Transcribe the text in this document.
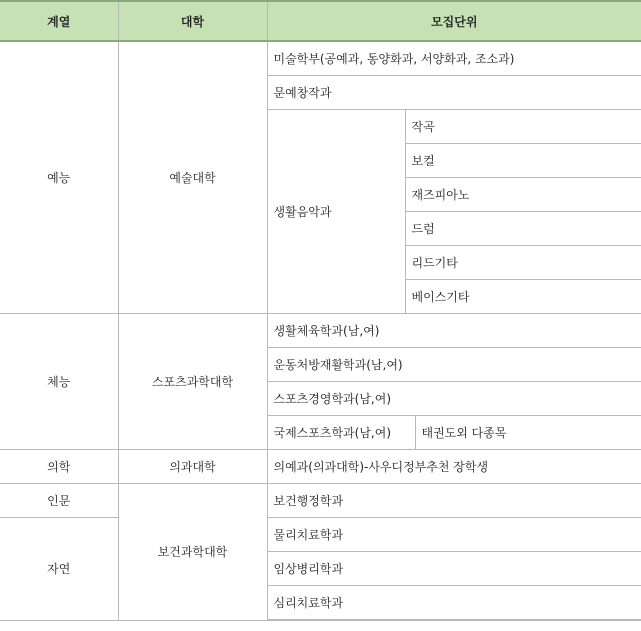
계열	대학	모집단위		
예능	예술대학	미술학부(공예과, 동양화과, 서양화과, 조소과)		
		문예창작과		
		생활음악과	작곡	
			보컬	
			재즈피아노	
			드럼	
			리드기타	
			베이스기타	
체능	스포츠과학대학	생활체육학과(남,여)		
		운동처방재활학과(남,여)		
		스포츠경영학과(남,여)		
		국제스포츠학과(남,여)		태권도외 다종목
의학	의과대학	의예과(의과대학)-사우디정부추천 장학생		
인문	보건과학대학	보건행정학과		
자연		물리치료학과		
		임상병리학과		
		심리치료학과		
